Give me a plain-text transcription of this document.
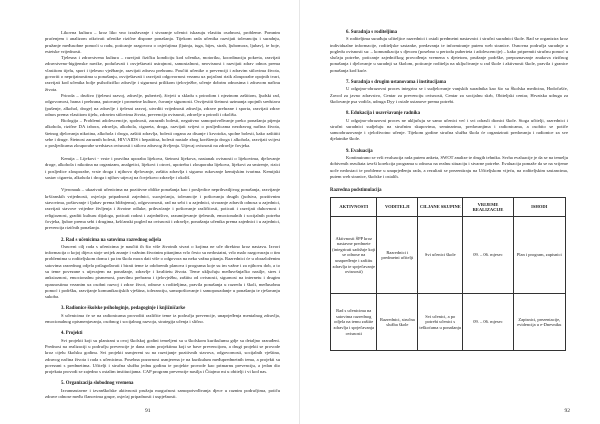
Likovna kultura – kroz liko vno izražavanje i stvaranje učenici iskazuju vlastitu osobnost, probleme. Pomnim praćenjem i analizom otkrivati učenike rizične dispone ponašanja. Tijekom rada učenika razvijati toleranciju i suradnju, pružanje međusobne pomoći u radu, poticanje razgovora o osjećajima (ljutnja, tuga, bijes, strah, ljubomora, ljubav), te boje, estetske vrijednosti.

Tjelesna i zdravstvena kultura – razvijati fizičku kondiciju kod učenika, motoriku, koordinaciju pokreta, razvijati zdravstveno-higijenske navike, podučavati i osvještavati ustrajnost, samostalnost, neovisnost i razvijati zdrav odnos prema vlastitom tijelu, sport i tjelesno vježbanje, razvijati zdravu prehranu. Poučiti učenike o prevenciji i zdravim stilovima života, govoriti o neprijatnostima u ponašanju, osviještavati i razvijati odgovornost vezanu uz pojačani rizik zlouporabe opojnih tvari, razvijati kod učenika bolje psihofizičko zdravlje i sigurnost prilikom tjelovježbe, učenje dobrim odnosima i zdravom načinu života.

Priroda – društvo (tjelesni razvoj, zdravlje, pubertet), živjeti u skladu s prirodom i njezinom zaštitom, ljudski rad, odgovornost, hrana i prehrana, putovanje i prometne kulture, čuvanje sigurnosti. Osvijestiti štetnost uzimanja opojnih sredstava (pušenje, alkohol, droge) na zdravlje i tjelesni razvoj, utvrditi vrijednosti zdravlja, zdrave prehrane i sporta, razvijati zdrav odnos prema vlastitom tijelu, zdravim stilovima života, prevencija ovisnosti, zdravlje u prirodi i okolišu.

Biologija – Problemi adolescencije, spolnosti, zaraznih bolesti, negativno samopotvrđivanje preko ponašanja pijenja alkohola, rizične DA izbora, zdravlja, alkohola, cigareta, droga, razvijati svijest o posljedicama nezdravog načina života, štetnog djelovanja nikotina, alkohola i droga, zaštiti zdravlja, bolesti organa za disanje i krvotoka, spolne bolesti, kako zaštititi sebe i druge. Štetnost zaraznih bolesti, HIV/AIDS i hepatitisa, bolesti nastale zbog korištenja droga i alkohola, razvijati svijest o posljedicama zlouporabe sredstava ovisnosti i stilova zdravog življenja. Utjecaj ovisnosti na zdravlje čovjeka.

Kemija – Lijekovi - vrste i pravilna uporaba lijekova, štetnost lijekova, nastanak ovisnosti o lijekovima, djelovanje droge, alkohola i nikotina na organizam, analgetici, lijekovi i otrovi, upotreba i zlouporaba lijekova, lijekovi za smirenje, rizici i posljedice zlouporabe, vrste droga i njihovo djelovanje, zaštita zdravlja i sigurno rukovanje kemijskim tvarima. Kemijski sastav cigareta, alkohola i droga i njihov utjecaj na čovjekovo zdravlje i okoliš.

Vjeronauk – ukazivati učenicima na pozitivne oblike ponašanja kao i posljedice neprihvatljivog ponašanja, razvijanje kršćanskih vrijednosti, osjećaja pripadnosti zajednici, suosjećanja, tolerancije i poštovanja drugih (judstva, pozitivnim stavovima, poštovanje i ljubav prema bližnjemu), odgovornosti, rad na sebi i u zajednici, stvaranje zdravih odnosa u zajednici, razvijati stavove vrijedne življenja i životne odluke, prihvaćanje i poštovanje različitosti, poticati i razvijati duhovnost i religioznost, graditi kulturu dijaloga, poticati radost i zajedništvo, razumijevanje tjelesnih, emocionalnih i socijalnih potreba čovjeka, ljubav prema sebi i drugima, kršćanski pogled na ovisnosti i zdravlje, ponašanja učenika prema zajednici i u zajednici, prevencija rizičnih ponašanja.

2. Rad s učenicima na satovima razrednog odjela

Osnovni cilj rada s učenicima je naučiti ih što više životnih stvari o kojima ne uče direktno kroz nastavu. Izvori informacija o kojoj dijeca stoje uvijek znanje i važnim životnim pitanjima vrlo često su nedostatni, vrlo malo razgovaraju o tim problemima u roditeljskom domu i pa im škola mora dati više o odgovora na neka važna pitanja. Razrednici će u obrazloženim satovima razrednog odjela prilagođavati i birati teme iz odobrenih planova i programa koje su im važne i za njihovu dob, a to su teme povezane s utjecajem na ponašanje, zdravlje i kvalitetu života. Teme uključuju međuvršnjačko nasilje, stres i anksioznost, emocionalnu pismenost, pravilnu prehranu i tjelovježbu, zaštitu od ovisnosti, sigurnost na internetu i drugim opasnostima vezanim uz osobni razvoj i zdrav život, odnose s roditeljima, pravila ponašanja u razredu i školi, međusobnu pomoć i podršku, razvijanje komunikacijskih vještina, toleranciju, samopoštovanje i samopouzdanje u ponašanju te rješavanju sukoba.

3. Radionice školske psihologinje, pedagoginje i knjižničarke

S učenicima će se na radionicama provoditi različite teme iz područja prevencije, unaprjeđenja mentalnog zdravlja, emocionalnog opismenjavanja, osobnog i socijalnog razvoja, strategija učenja i slično.

4. Projekti

Svi projekti koji su planirani u ovoj školskoj godini temeljeni su u školskom kurikulumu gdje su detaljno razrađeni. Prednost na realizaciji u području prevencije je dana onim projektima koji se bave prevencijom, a drugi projekti se provode kroz cijelu školsku godinu. Svi projekti usmjereni su na razvijanje pozitivnih stavova, odgovornosti, socijalnih vještina, zdravog načina života i rada s učenicima. Posebna pozornost usmjerena je na kurikulum međupredmetnih tema, a projekti su povezani s predmetima. Učitelji i stručna služba jednu godinu te projekte provode kao primarnu prevenciju, a jedan dio projekata provodi se zajedno s ostalim institucijama. CAP program prevencije nasilja i Čitajmo mi u obitelji i vi kod nas.

5. Organizacija slobodnog vremena

Izvannastavne i izvanškolske aktivnosti pružaju mogućnost samopotvrđivanja djece u raznim područjima, potiču zdrave odnose među članovima grupe, osjećaj pripadnosti i uspješnosti.

91
6. Suradnja s roditeljima

S roditeljima surađuju učiteljice razrednici i ostali predmetni nastavnici i stručni suradnici škole. Rad se organizira kroz individualne informacije, roditeljske sastanke, predavanja te informiranje putem web stranice. Osnovna područja suradnje u pogledu ovisnosti su: – komunikacija s djecom (posebno u periodu puberteta i adolescencije) – kako pripremiti stručnu pomoć u slučaju potrebe, poticanje zajedničkog provođenja vremena s djetetom, pružanje podrške, prepoznavanje znakova rizičnog ponašanja i djelovanje u suradnji sa školom, poticanje roditelja na uključivanje u rad škole i aktivnosti škole, pravila i granice ponašanja kod kuće.

7. Suradnja s drugim ustanovama i institucijama

U odgojno-obrazovni proces integrira se i sudjelovanje vanjskih suradnika kao što su Školska medicina, Hodočašće, Zavod za javno zdravstvo, Centar za prevenciju ovisnosti, Centar za socijalnu skrb, Obiteljski centar, Hrvatska udruga za školovanje psa vodiča, udruga Dyy i ostale ustanove prema potrebi.

8. Edukacija i usavršavanje radnika

U odgojno-obrazovni proces ne uključuju se samo učenici već i svi odrasli dionici škole. Stoga učitelji, razrednici i stručni suradnici sudjeluju na stručnim skupovima, seminarima, predavanjima i radionicama, a osobito se potiče samoobrazovanje i cjeloživotno učenje. Tijekom godine stručna služba škola će organizirati predavanja i radionice za sve djelatnike škole.

9. Evaluacija

Kontinuirano se vrši evaluacija rada putem anketa, SWOT analize te drugih tehnika. Svrha evaluacije je da se na temelju dobivenih rezultata izvrši korekcija programa u odnosu na realnu situaciju i stvarne potrebe. Evaluacija pomaže da se na vrijeme uoče nedostaci te probleme u unaprjeđenju rada, a rezultati se prezentiraju na Učiteljskom vijeću, na roditeljskim sastancima, putem web stranice, školske i ostalih.

Razredna podstimulacija
AKTIVNOSTI	VODITELJI	CILJANE SKUPINE	VRIJEME REALIZACIJE	ISHODI
Aktivnosti ŠPP kroz nastavne predmete (integrirati sadržaje koji se odnose na unapređenje i zaštitu zdravlja te sprječavanje ovisnosti)	Razrednici i predmetni učitelji	Svi učenici škole	09. – 06. mjesec	Plan i program, zapisnici
Rad s učenicima na satovima razrednog odjela na temu zaštite zdravlja i sprječavanja ovisnosti	Razrednici, stručna služba škole	Svi učenici, a po potrebi učenici s teškoćama u ponašanju	09. – 06. mjesec	Zapisnici, prezentacije, evidencija u e-Dnevniku
92
